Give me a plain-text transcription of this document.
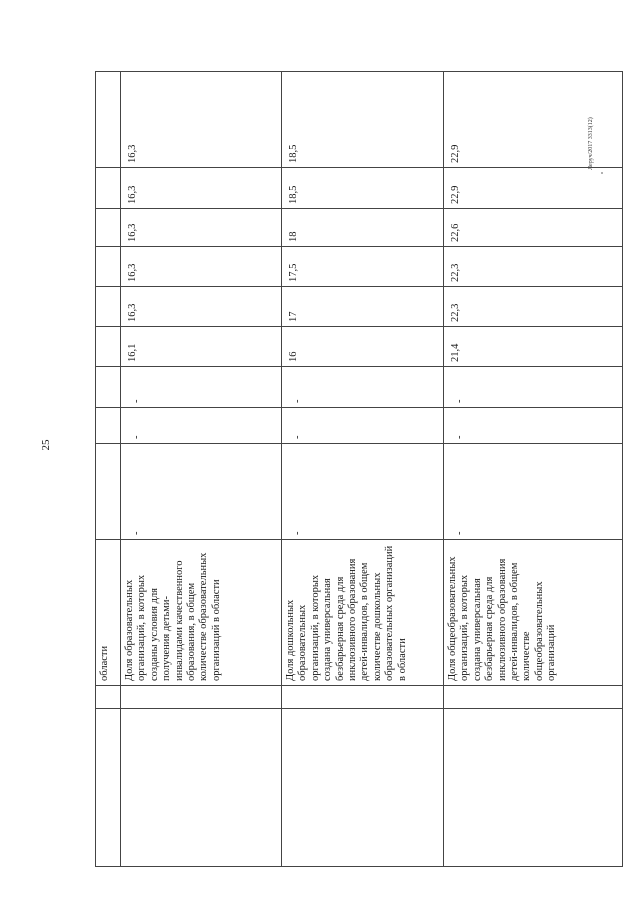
25
Леруч/2017 3313(12)
		области									
		Доля образовательных организаций, в которых созданы условия для получения детьми-инвалидами качественного образования, в общем количестве образовательных организаций в области	-	-	-	16,1	16,3	16,3	16,3	16,3	16,3
		Доля дошкольных образовательных организаций, в которых создана универсальная безбарьерная среда для инклюзивного образования детей-инвалидов, в общем количестве дошкольных образовательных организаций в области	-	-	-	16	17	17,5	18	18,5	18,5
		Доля общеобразовательных организаций, в которых создана универсальная безбарьерная среда для инклюзивного образования детей-инвалидов, в общем количестве общеобразовательных организаций	-	-	-	21,4	22,3	22,3	22,6	22,9	22,9
